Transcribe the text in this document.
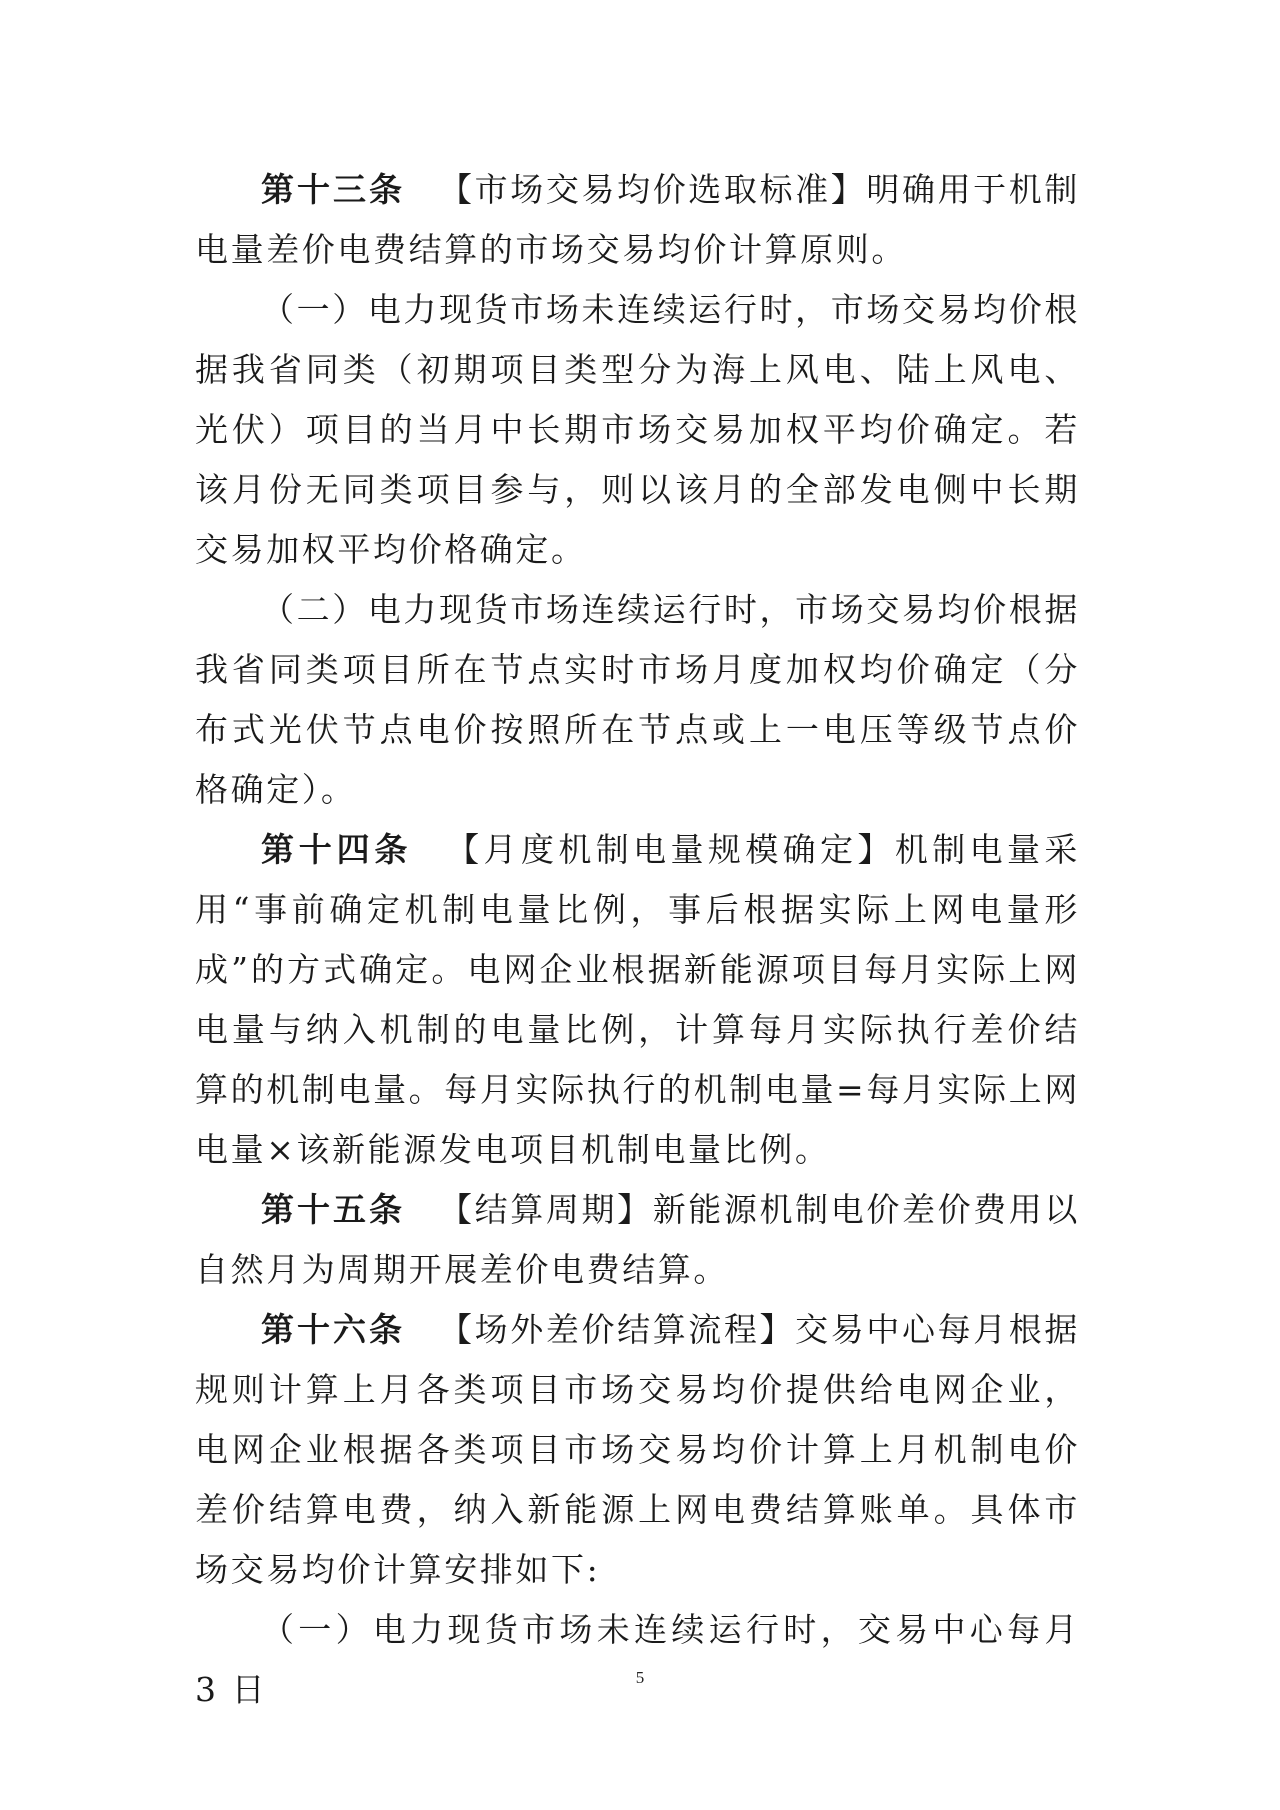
第十三条 【市场交易均价选取标准】明确用于机制电量差价电费结算的市场交易均价计算原则。

（一）电力现货市场未连续运行时，市场交易均价根据我省同类（初期项目类型分为海上风电、陆上风电、光伏）项目的当月中长期市场交易加权平均价确定。若该月份无同类项目参与，则以该月的全部发电侧中长期交易加权平均价格确定。

（二）电力现货市场连续运行时，市场交易均价根据我省同类项目所在节点实时市场月度加权均价确定（分布式光伏节点电价按照所在节点或上一电压等级节点价格确定）。

第十四条 【月度机制电量规模确定】机制电量采用“事前确定机制电量比例，事后根据实际上网电量形成”的方式确定。电网企业根据新能源项目每月实际上网电量与纳入机制的电量比例，计算每月实际执行差价结算的机制电量。每月实际执行的机制电量=每月实际上网电量×该新能源发电项目机制电量比例。

第十五条 【结算周期】新能源机制电价差价费用以自然月为周期开展差价电费结算。

第十六条 【场外差价结算流程】交易中心每月根据规则计算上月各类项目市场交易均价提供给电网企业，电网企业根据各类项目市场交易均价计算上月机制电价差价结算电费，纳入新能源上网电费结算账单。具体市场交易均价计算安排如下:

（一）电力现货市场未连续运行时，交易中心每月 3 日	5
